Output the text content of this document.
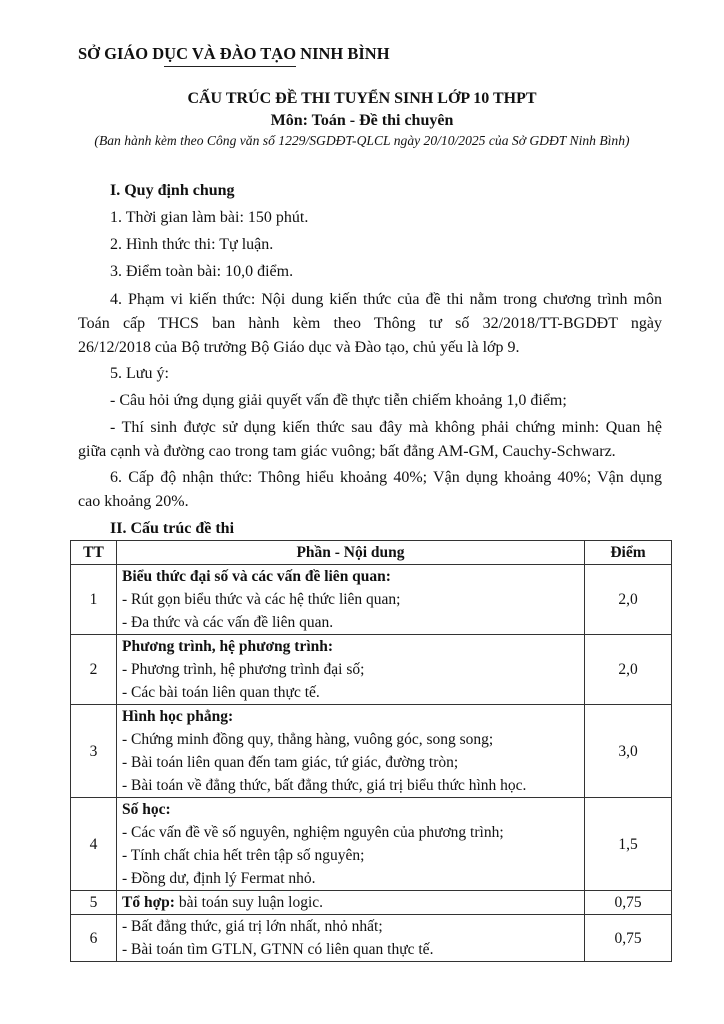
SỞ GIÁO DỤC VÀ ĐÀO TẠO NINH BÌNH
CẤU TRÚC ĐỀ THI TUYỂN SINH LỚP 10 THPT
Môn: Toán - Đề thi chuyên
(Ban hành kèm theo Công văn số 1229/SGDĐT-QLCL ngày 20/10/2025 của Sở GDĐT Ninh Bình)
I. Quy định chung
1. Thời gian làm bài: 150 phút.
2. Hình thức thi: Tự luận.
3. Điểm toàn bài: 10,0 điểm.
4. Phạm vi kiến thức: Nội dung kiến thức của đề thi nằm trong chương trình môn
Toán cấp THCS ban hành kèm theo Thông tư số 32/2018/TT-BGDĐT ngày
26/12/2018 của Bộ trưởng Bộ Giáo dục và Đào tạo, chủ yếu là lớp 9.
5. Lưu ý:
- Câu hỏi ứng dụng giải quyết vấn đề thực tiễn chiếm khoảng 1,0 điểm;
- Thí sinh được sử dụng kiến thức sau đây mà không phải chứng minh: Quan hệ
giữa cạnh và đường cao trong tam giác vuông; bất đẳng AM-GM, Cauchy-Schwarz.
6. Cấp độ nhận thức: Thông hiểu khoảng 40%; Vận dụng khoảng 40%; Vận dụng
cao khoảng 20%.
II. Cấu trúc đề thi
TT	Phần - Nội dung	Điểm
1	Biểu thức đại số và các vấn đề liên quan:
- Rút gọn biểu thức và các hệ thức liên quan;
- Đa thức và các vấn đề liên quan.	2,0
2	Phương trình, hệ phương trình:
- Phương trình, hệ phương trình đại số;
- Các bài toán liên quan thực tế.	2,0
3	Hình học phẳng:
- Chứng minh đồng quy, thẳng hàng, vuông góc, song song;
- Bài toán liên quan đến tam giác, tứ giác, đường tròn;
- Bài toán về đẳng thức, bất đẳng thức, giá trị biểu thức hình học.	3,0
4	Số học:
- Các vấn đề về số nguyên, nghiệm nguyên của phương trình;
- Tính chất chia hết trên tập số nguyên;
- Đồng dư, định lý Fermat nhỏ.	1,5
5	Tổ hợp: bài toán suy luận logic.	0,75
6	- Bất đẳng thức, giá trị lớn nhất, nhỏ nhất;
- Bài toán tìm GTLN, GTNN có liên quan thực tế.	0,75
